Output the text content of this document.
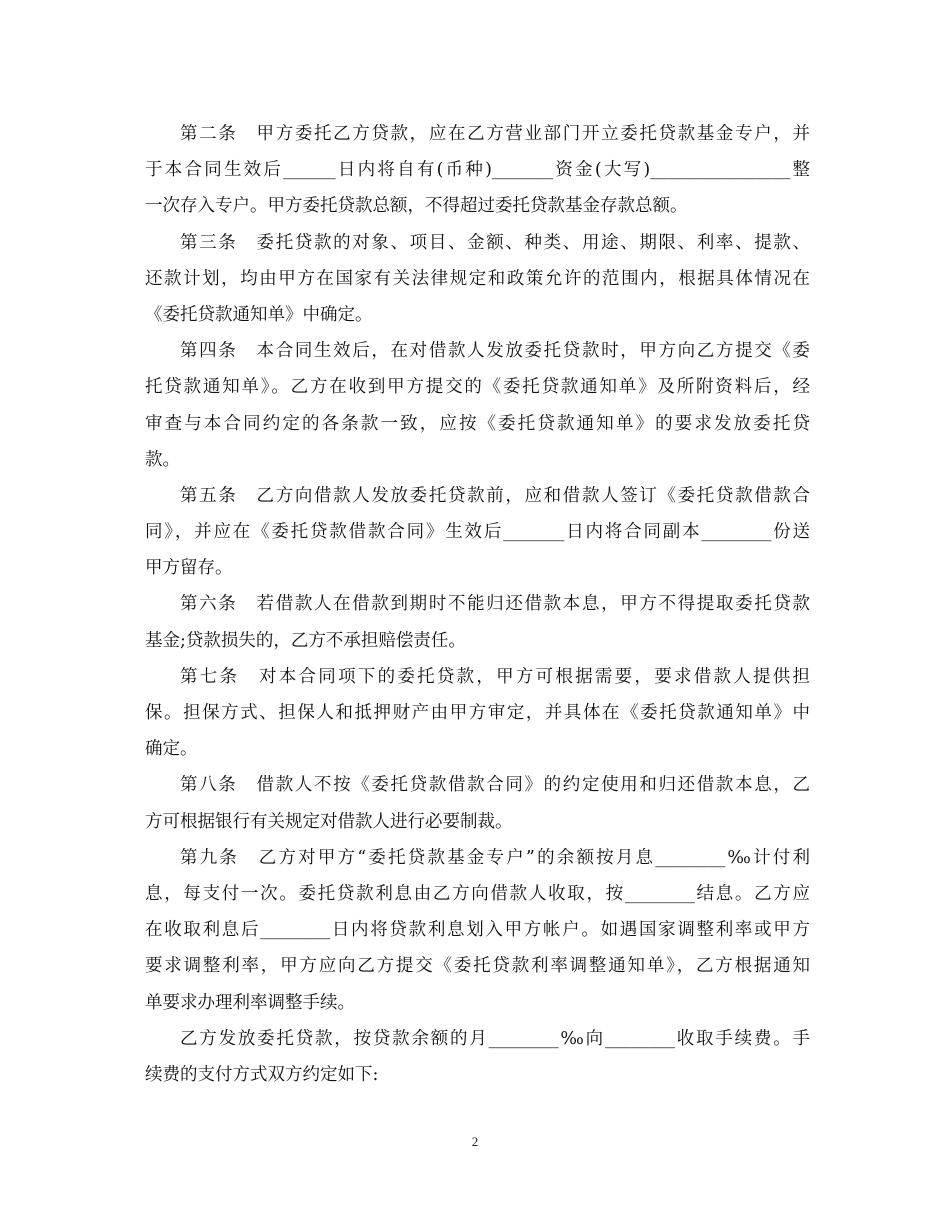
第二条　甲方委托乙方贷款，应在乙方营业部门开立委托贷款基金专户，并
于本合同生效后______日内将自有(币种)_______资金(大写)________________整
一次存入专户。甲方委托贷款总额，不得超过委托贷款基金存款总额。
第三条　委托贷款的对象、项目、金额、种类、用途、期限、利率、提款、
还款计划，均由甲方在国家有关法律规定和政策允许的范围内，根据具体情况在
《委托贷款通知单》中确定。
第四条　本合同生效后，在对借款人发放委托贷款时，甲方向乙方提交《委
托贷款通知单》。乙方在收到甲方提交的《委托贷款通知单》及所附资料后，经
审查与本合同约定的各条款一致，应按《委托贷款通知单》的要求发放委托贷
款。
第五条　乙方向借款人发放委托贷款前，应和借款人签订《委托贷款借款合
同》，并应在《委托贷款借款合同》生效后_______日内将合同副本________份送
甲方留存。
第六条　若借款人在借款到期时不能归还借款本息，甲方不得提取委托贷款
基金;贷款损失的，乙方不承担赔偿责任。
第七条　对本合同项下的委托贷款，甲方可根据需要，要求借款人提供担
保。担保方式、担保人和抵押财产由甲方审定，并具体在《委托贷款通知单》中
确定。
第八条　借款人不按《委托贷款借款合同》的约定使用和归还借款本息，乙
方可根据银行有关规定对借款人进行必要制裁。
第九条　乙方对甲方“委托贷款基金专户”的余额按月息________‰计付利
息，每支付一次。委托贷款利息由乙方向借款人收取，按________结息。乙方应
在收取利息后________日内将贷款利息划入甲方帐户。如遇国家调整利率或甲方
要求调整利率，甲方应向乙方提交《委托贷款利率调整通知单》，乙方根据通知
单要求办理利率调整手续。
乙方发放委托贷款，按贷款余额的月________‰向________收取手续费。手
续费的支付方式双方约定如下:
2
